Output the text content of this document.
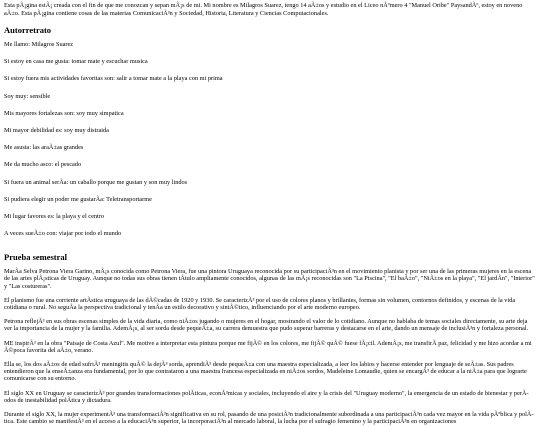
Esta pÃ¡gina estÃ¡ creada con el fin de que me conozcan y sepan mÃ¡s de mi. Mi nombre es Milagros Suarez, tengo 14 aÃ±os y estudio en el Liceo nÃºmero 4 "Manuel Oribe" PaysandÃº, estoy en noveno aÃ±o. Esta pÃ¡gina contiene cosas de las materias ComunicaciÃ³n y Sociedad, Historia, Literatura y Ciencias Computacionales.

Autorretrato

Me llamo: Milagros Suarez

Si estoy en casa me gusta: tomar mate y escuchar musica

Si estoy fuera mis actividades favoritas son: salir a tomar mate a la playa con mi prima

Soy muy: sensible

Mis mayores fortalezas son: soy muy simpatica

Mi mayor debilidad es: soy muy distraida

Me asusta: las araÃ±as grandes

Me da mucho asco: el pescado

Si fuera un animal serÃa: un caballo porque me gustan y son muy lindos

Si pudiera elegir un poder me gustarÃa: Teletransportarme

Mi lugar favores es: la playa y el centro

A veces sueÃ±o con: viajar por todo el mundo

Prueba semestral

MarÃa Selva Petrona Viera Garino, mÃ¡s conocida como Petrona Viera, fue una pintora Uruguaya reconocida por su participaciÃ³n en el movimiento planista y por ser una de las primeras mujeres en la escena de las artes plÃ¡sticas de Uruguay. Aunque no todas sus obras tienen tÃtulo ampliamente conocidos, algunas de las mÃ¡s reconocidas son "La Piscina", "El baÃ±o", "NiÃ±os en la playa", "El jardÃn", "Interior" y "Las costureras".

El planismo fue una corriente artÃstica uruguaya de las dÃ©cadas de 1920 y 1930. Se caracterizÃ³ por el uso de colores planos y brillantes, formas sin volumen, contornos definidos, y escenas de la vida cotidiana o rural. No seguÃa la perspectiva tradicional y tenÃa un estilo decorativo y sintÃ©tico, influenciando por el arte moderno europeo.

Petrona reflejÃ³ en sus obras escenas simples de la vida diaria, como niÃ±os jugando o mujeres en el hogar, mostrando el valor de lo cotidiano. Aunque no hablaba de temas sociales directamente, su arte deja ver la importancia de la mujer y la familia. AdemÃ¡s, al ser sorda desde pequeÃ±a, su carrera demuestra que pudo superar barreras y destacarse en el arte, dando un mensaje de inclusiÃ³n y fortaleza personal.

ME inspirÃ³ en la obra "Paisaje de Costa Azul". Me motive a interpretar esta pintura porque me fijÃ© en los colores, me fijÃ© quÃ© fuese fÃ¡cil. AdemÃ¡s, me transfirÃ paz, felicidad y me hizo acordar a mi Ã©poca favorita del aÃ±o, verano.

Ella se, los dos aÃ±os de edad sufriÃ³ meningitis quÃ© la dejÃ³ sorda, aprendiÃ³ desde pequeÃ±a con una maestra especializada, a leer los labios y hacerse entender por lenguaje de seÃ±as. Sus padres entendieron que la enseÃ±anza era fundamental, por lo que contrataron a una maestra francesa especializada en niÃ±os sordos, Madeleine Lomaudie, quien se encargÃ³ de educar a la niÃ±a para que lograrte comunicarse con su entorno.

El siglo XX en Uruguay se caracterizÃ³ por grandes transformaciones polÃticas, econÃ³micas y sociales, incluyendo el aire y la crisis del "Uruguay moderno", la emergencia de un estado de bienestar y perÃodos de inestabilidad polÃtica y dictadura.

Durante el siglo XX, la mujer experimentÃ³ una transformaciÃ³n significativa en su rol, pasando de una posiciÃ³n tradicionalmente subordinada a una participaciÃ³n cada vez mayor en la vida pÃºblica y polÃtica. Este cambio se manifestÃ³ en el acceso a la educaciÃ³n superior, la incorporaciÃ³n al mercado laboral, la lucha por el sufragio femenino y la participaciÃ³n en organizaciones
